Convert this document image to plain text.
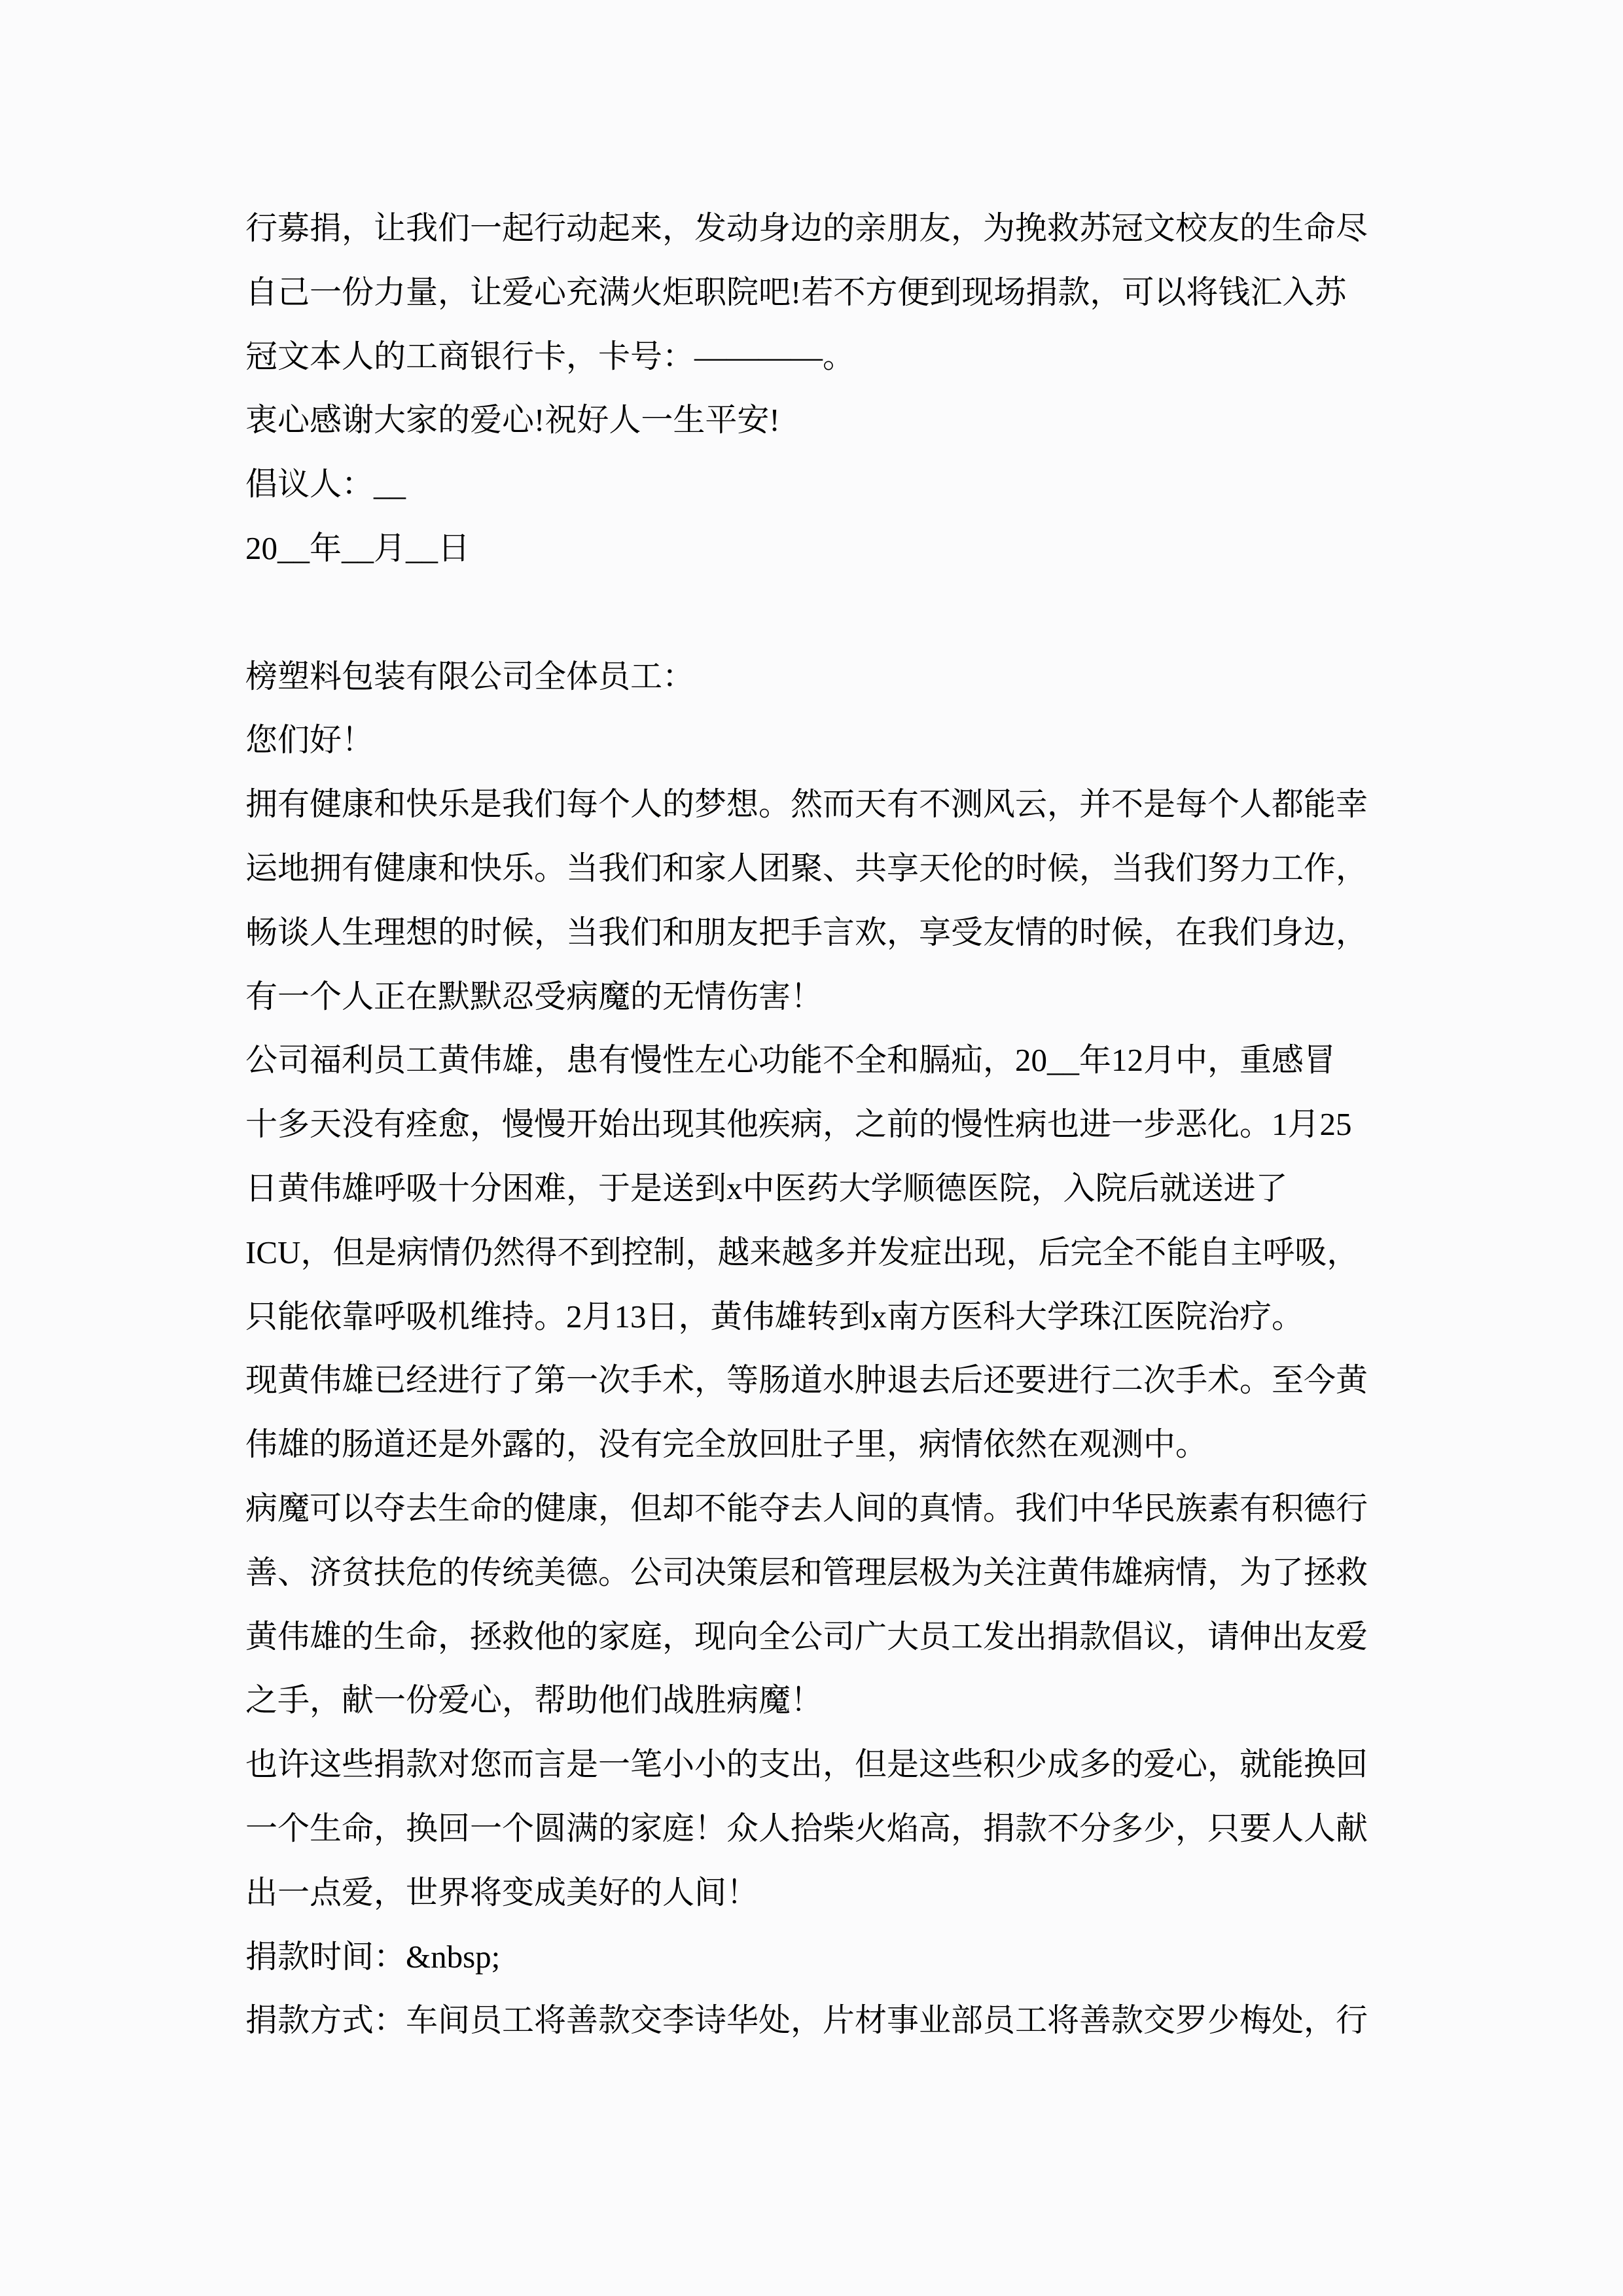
行募捐，让我们一起行动起来，发动身边的亲朋友，为挽救苏冠文校友的生命尽
自己一份力量，让爱心充满火炬职院吧!若不方便到现场捐款，可以将钱汇入苏
冠文本人的工商银行卡，卡号：————。
衷心感谢大家的爱心!祝好人一生平安!
倡议人：__
20__年__月__日
榜塑料包装有限公司全体员工：
您们好！
拥有健康和快乐是我们每个人的梦想。然而天有不测风云，并不是每个人都能幸
运地拥有健康和快乐。当我们和家人团聚、共享天伦的时候，当我们努力工作，
畅谈人生理想的时候，当我们和朋友把手言欢，享受友情的时候，在我们身边，
有一个人正在默默忍受病魔的无情伤害！
公司福利员工黄伟雄，患有慢性左心功能不全和膈疝，20__年12月中，重感冒
十多天没有痊愈，慢慢开始出现其他疾病，之前的慢性病也进一步恶化。1月25
日黄伟雄呼吸十分困难，于是送到x中医药大学顺德医院，入院后就送进了
ICU，但是病情仍然得不到控制，越来越多并发症出现，后完全不能自主呼吸，
只能依靠呼吸机维持。2月13日，黄伟雄转到x南方医科大学珠江医院治疗。
现黄伟雄已经进行了第一次手术，等肠道水肿退去后还要进行二次手术。至今黄
伟雄的肠道还是外露的，没有完全放回肚子里，病情依然在观测中。
病魔可以夺去生命的健康，但却不能夺去人间的真情。我们中华民族素有积德行
善、济贫扶危的传统美德。公司决策层和管理层极为关注黄伟雄病情，为了拯救
黄伟雄的生命，拯救他的家庭，现向全公司广大员工发出捐款倡议，请伸出友爱
之手，献一份爱心，帮助他们战胜病魔！
也许这些捐款对您而言是一笔小小的支出，但是这些积少成多的爱心，就能换回
一个生命，换回一个圆满的家庭！众人拾柴火焰高，捐款不分多少，只要人人献
出一点爱，世界将变成美好的人间！
捐款时间：&nbsp;
捐款方式：车间员工将善款交李诗华处，片材事业部员工将善款交罗少梅处，行
